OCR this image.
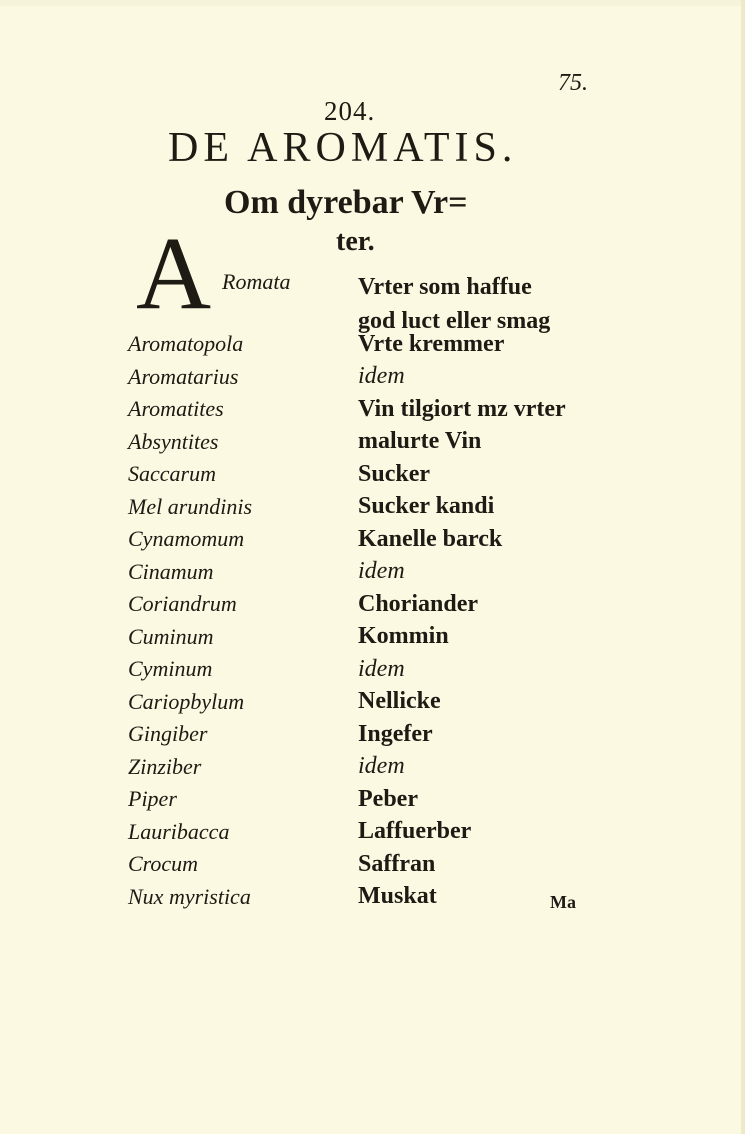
75.
204.
DE AROMATIS.
Om dyrebar Vr=
ter.
A Romata	Vrter som haffue
god luct eller smag
Aromatopola	Vrte kremmer
Aromatarius	idem
Aromatites	Vin tilgiort mz vrter
Absyntites	malurte Vin
Saccarum	Sucker
Mel arundinis	Sucker kandi
Cynamomum	Kanelle barck
Cinamum	idem
Coriandrum	Choriander
Cuminum	Kommin
Cyminum	idem
Cariopbylum	Nellicke
Gingiber	Ingefer
Zinziber	idem
Piper	Peber
Lauribacca	Laffuerber
Crocum	Saffran
Nux myristica	Muskat	Mа
